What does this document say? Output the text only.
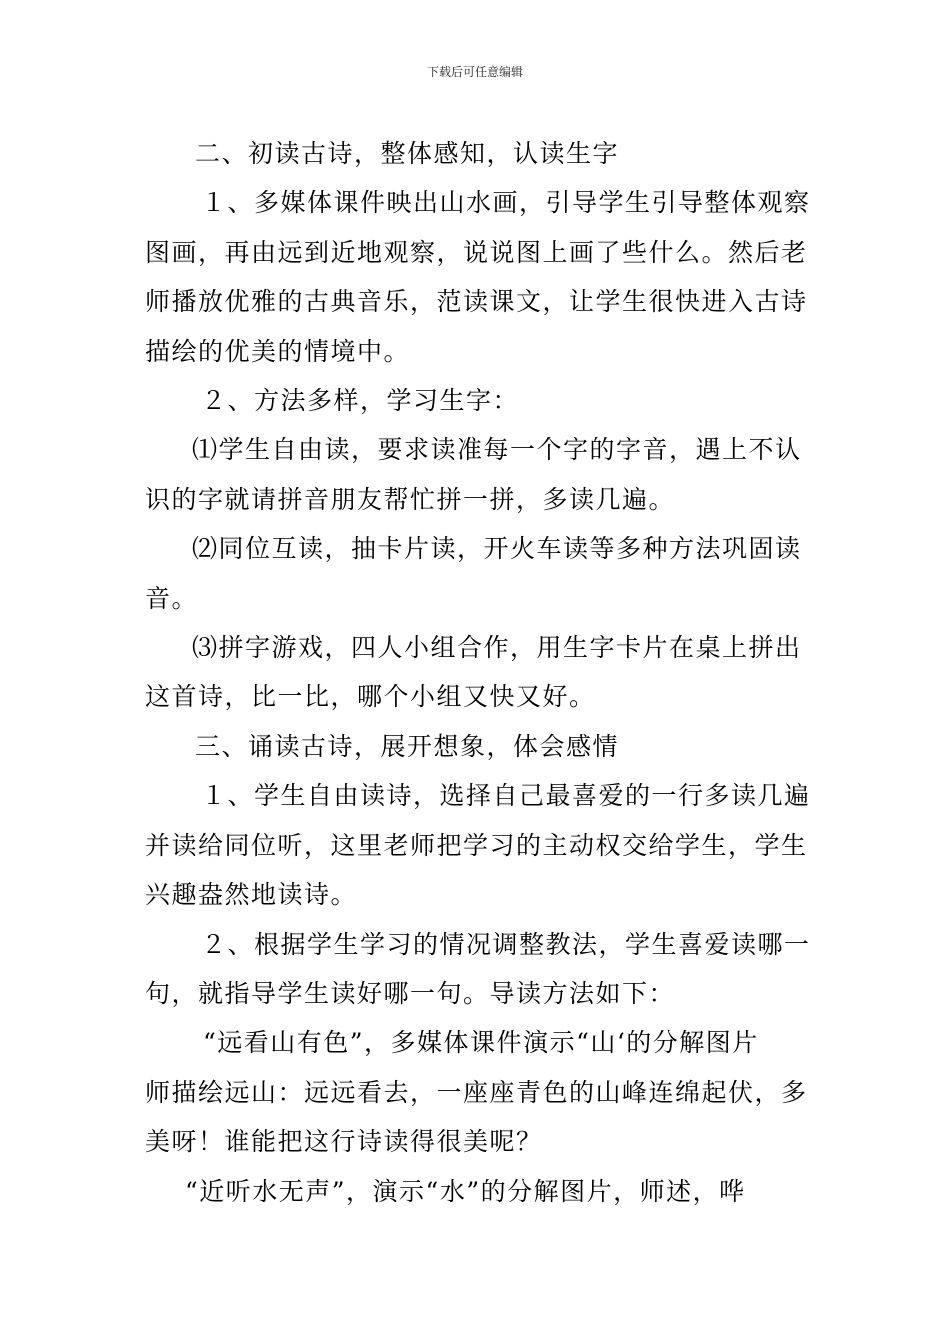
下载后可任意编辑

二、初读古诗，整体感知，认读生字

１、多媒体课件映出山水画，引导学生引导整体观察
图画，再由远到近地观察，说说图上画了些什么。然后老
师播放优雅的古典音乐，范读课文，让学生很快进入古诗
描绘的优美的情境中。

２、方法多样，学习生字：

⑴学生自由读，要求读准每一个字的字音，遇上不认
识的字就请拼音朋友帮忙拼一拼，多读几遍。

⑵同位互读，抽卡片读，开火车读等多种方法巩固读
音。

⑶拼字游戏，四人小组合作，用生字卡片在桌上拼出
这首诗，比一比，哪个小组又快又好。

三、诵读古诗，展开想象，体会感情

１、学生自由读诗，选择自己最喜爱的一行多读几遍
并读给同位听，这里老师把学习的主动权交给学生，学生
兴趣盎然地读诗。

２、根据学生学习的情况调整教法，学生喜爱读哪一
句，就指导学生读好哪一句。导读方法如下：

“远看山有色”，多媒体课件演示“山‘的分解图片
师描绘远山：远远看去，一座座青色的山峰连绵起伏，多
美呀！谁能把这行诗读得很美呢？

“近听水无声”，演示“水”的分解图片，师述，哗
